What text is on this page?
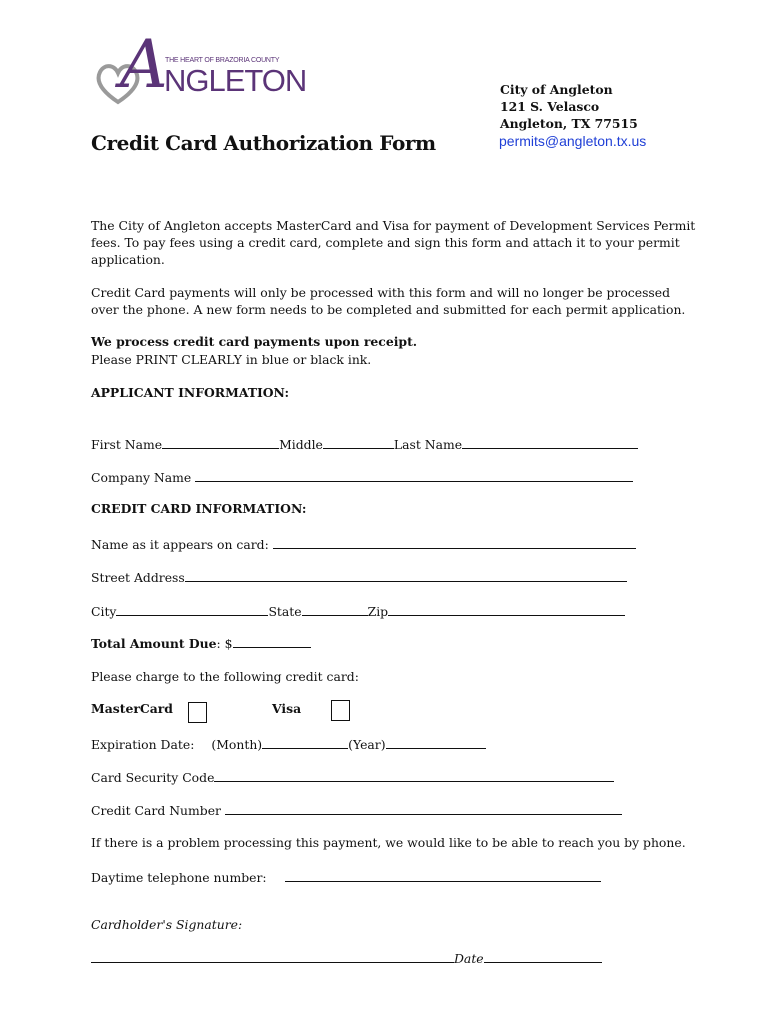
A
THE HEART OF BRAZORIA COUNTY
NGLETON	City of Angleton
121 S. Velasco
Angleton, TX 77515
permits@angleton.tx.us
Credit Card Authorization Form
The City of Angleton accepts MasterCard and Visa for payment of Development Services Permit
fees. To pay fees using a credit card, complete and sign this form and attach it to your permit
application.
Credit Card payments will only be processed with this form and will no longer be processed
over the phone. A new form needs to be completed and submitted for each permit application.
We process credit card payments upon receipt.
Please PRINT CLEARLY in blue or black ink.
APPLICANT INFORMATION:
First Name	Middle	Last Name
Company Name
CREDIT CARD INFORMATION:
Name as it appears on card:
Street Address
City	State	Zip
Total Amount Due: $
Please charge to the following credit card:
MasterCard	Visa
Expiration Date: (Month)	(Year)
Card Security Code
Credit Card Number
If there is a problem processing this payment, we would like to be able to reach you by phone.
Daytime telephone number:
Cardholder's Signature:
Date
